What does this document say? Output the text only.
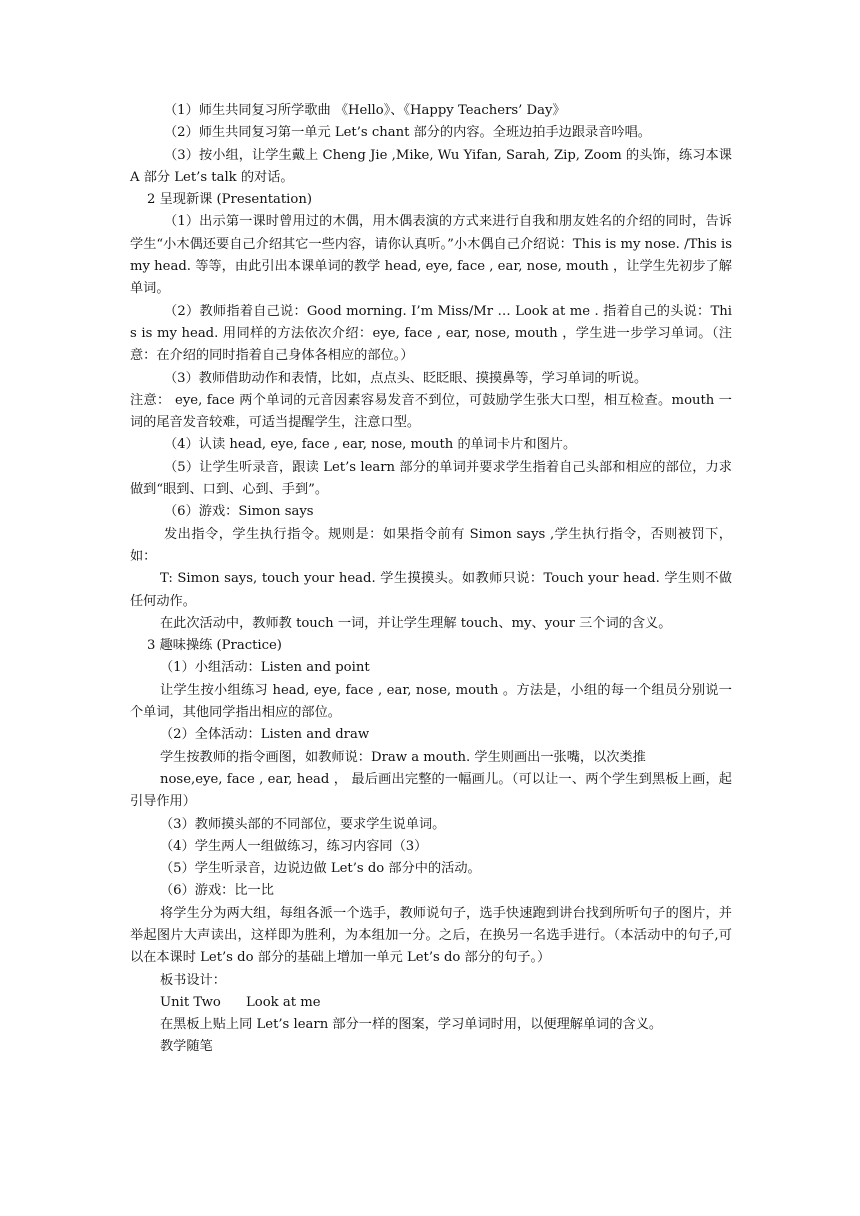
（1）师生共同复习所学歌曲 《Hello》、《Happy Teachers’ Day》

（2）师生共同复习第一单元 Let’s chant 部分的内容。全班边拍手边跟录音吟唱。

（3）按小组，让学生戴上 Cheng Jie ,Mike, Wu Yifan, Sarah, Zip, Zoom 的头饰，练习本课 A 部分 Let’s talk 的对话。

2 呈现新课 (Presentation)

（1）出示第一课时曾用过的木偶，用木偶表演的方式来进行自我和朋友姓名的介绍的同时，告诉学生“小木偶还要自己介绍其它一些内容，请你认真听。”小木偶自己介绍说：This is my nose. /This is my head. 等等，由此引出本课单词的教学 head, eye, face , ear, nose, mouth ，让学生先初步了解单词。

（2）教师指着自己说：Good morning. I’m Miss/Mr … Look at me . 指着自己的头说：This is my head. 用同样的方法依次介绍：eye, face , ear, nose, mouth ，学生进一步学习单词。（注意：在介绍的同时指着自己身体各相应的部位。）

（3）教师借助动作和表情，比如，点点头、眨眨眼、摸摸鼻等，学习单词的听说。

注意： eye, face 两个单词的元音因素容易发音不到位，可鼓励学生张大口型，相互检查。mouth 一词的尾音发音较难，可适当提醒学生，注意口型。

（4）认读 head, eye, face , ear, nose, mouth 的单词卡片和图片。

（5）让学生听录音，跟读 Let’s learn 部分的单词并要求学生指着自己头部和相应的部位，力求做到“眼到、口到、心到、手到”。

（6）游戏：Simon says

发出指令，学生执行指令。规则是：如果指令前有 Simon says ,学生执行指令，否则被罚下，如：

T: Simon says, touch your head. 学生摸摸头。如教师只说：Touch your head. 学生则不做任何动作。

在此次活动中，教师教 touch 一词，并让学生理解 touch、my、your 三个词的含义。

3 趣味操练 (Practice)

（1）小组活动：Listen and point

让学生按小组练习 head, eye, face , ear, nose, mouth 。方法是，小组的每一个组员分别说一个单词，其他同学指出相应的部位。

（2）全体活动：Listen and draw

学生按教师的指令画图，如教师说：Draw a mouth. 学生则画出一张嘴，以次类推

nose,eye, face , ear, head ， 最后画出完整的一幅画儿。（可以让一、两个学生到黑板上画，起引导作用）

（3）教师摸头部的不同部位，要求学生说单词。

（4）学生两人一组做练习，练习内容同（3）

（5）学生听录音，边说边做 Let’s do 部分中的活动。

（6）游戏：比一比

将学生分为两大组，每组各派一个选手，教师说句子，选手快速跑到讲台找到所听句子的图片，并举起图片大声读出，这样即为胜利，为本组加一分。之后，在换另一名选手进行。（本活动中的句子,可以在本课时 Let’s do 部分的基础上增加一单元 Let’s do 部分的句子。）

板书设计：

Unit Two      Look at me

在黑板上贴上同 Let’s learn 部分一样的图案，学习单词时用，以便理解单词的含义。

教学随笔
